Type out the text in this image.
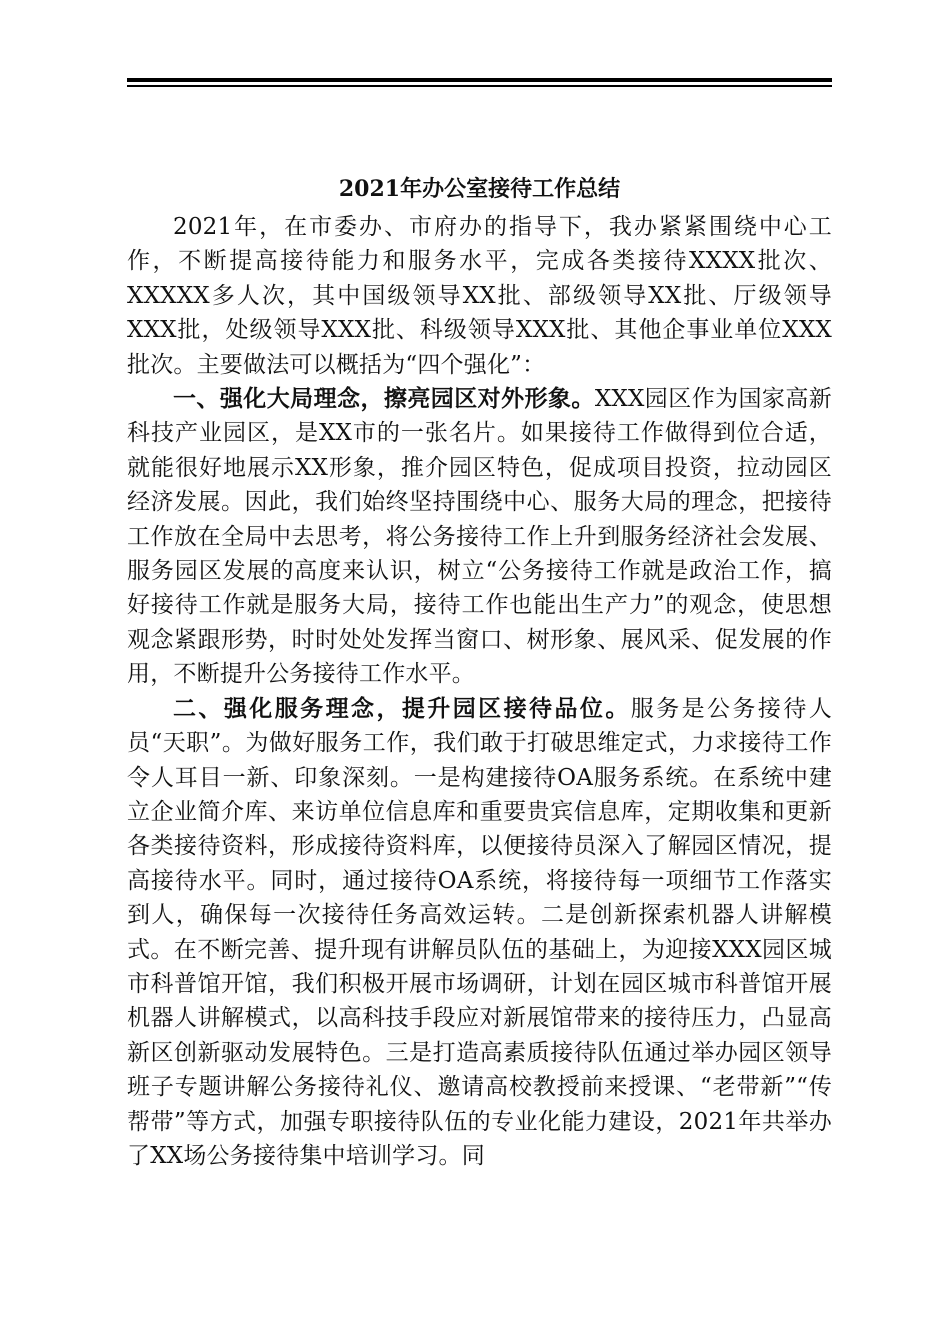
2021年办公室接待工作总结

2021年，在市委办、市府办的指导下，我办紧紧围绕中心工作，不断提高接待能力和服务水平，完成各类接待XXXX批次、XXXXX多人次，其中国级领导XX批、部级领导XX批、厅级领导XXX批，处级领导XXX批、科级领导XXX批、其他企事业单位XXX批次。主要做法可以概括为“四个强化”：

一、强化大局理念，擦亮园区对外形象。XXX园区作为国家高新科技产业园区，是XX市的一张名片。如果接待工作做得到位合适，就能很好地展示XX形象，推介园区特色，促成项目投资，拉动园区经济发展。因此，我们始终坚持围绕中心、服务大局的理念，把接待工作放在全局中去思考，将公务接待工作上升到服务经济社会发展、服务园区发展的高度来认识，树立“公务接待工作就是政治工作，搞好接待工作就是服务大局，接待工作也能出生产力”的观念，使思想观念紧跟形势，时时处处发挥当窗口、树形象、展风采、促发展的作用，不断提升公务接待工作水平。

二、强化服务理念，提升园区接待品位。服务是公务接待人员“天职”。为做好服务工作，我们敢于打破思维定式，力求接待工作令人耳目一新、印象深刻。一是构建接待OA服务系统。在系统中建立企业简介库、来访单位信息库和重要贵宾信息库，定期收集和更新各类接待资料，形成接待资料库，以便接待员深入了解园区情况，提高接待水平。同时，通过接待OA系统，将接待每一项细节工作落实到人，确保每一次接待任务高效运转。二是创新探索机器人讲解模式。在不断完善、提升现有讲解员队伍的基础上，为迎接XXX园区城市科普馆开馆，我们积极开展市场调研，计划在园区城市科普馆开展机器人讲解模式，以高科技手段应对新展馆带来的接待压力，凸显高新区创新驱动发展特色。三是打造高素质接待队伍通过举办园区领导班子专题讲解公务接待礼仪、邀请高校教授前来授课、“老带新”“传帮带”等方式，加强专职接待队伍的专业化能力建设，2021年共举办了XX场公务接待集中培训学习。同
